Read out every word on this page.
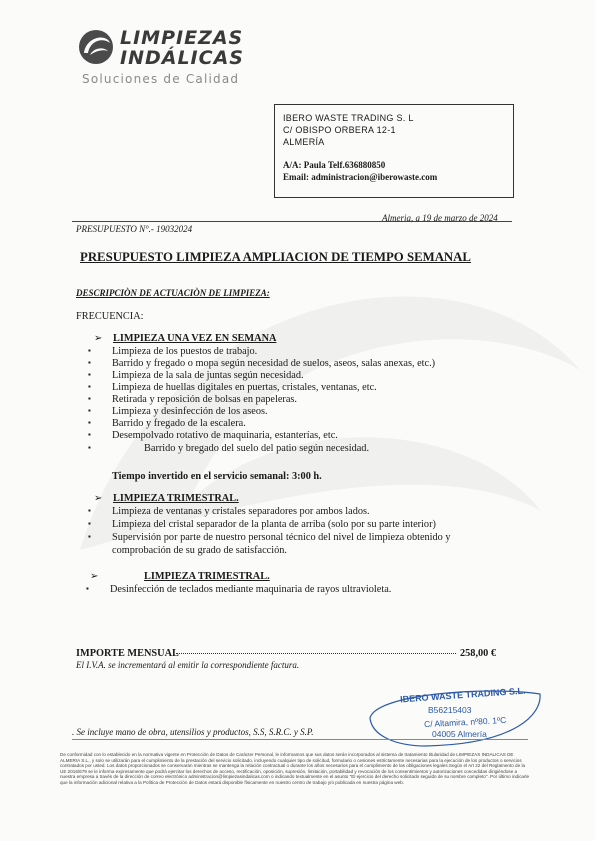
LIMPIEZAS
INDÁLICAS
Soluciones de Calidad
IBERO WASTE TRADING S. L
C/ OBISPO ORBERA 12-1
ALMERÍA
A/A: Paula Telf.636880850
Email: administracion@iberowaste.com
Almeria, a 19 de marzo de 2024
PRESUPUESTO N°.- 19032024
PRESUPUESTO LIMPIEZA AMPLIACION DE TIEMPO SEMANAL
DESCRIPCIÒN DE ACTUACIÒN DE LIMPIEZA:
FRECUENCIA:
➢ LIMPIEZA UNA VEZ EN SEMANA
▪ Limpieza de los puestos de trabajo.
▪ Barrido y fregado o mopa según necesidad de suelos, aseos, salas anexas, etc.)
▪ Limpieza de la sala de juntas según necesidad.
▪ Limpieza de huellas digitales en puertas, cristales, ventanas, etc.
▪ Retirada y reposición de bolsas en papeleras.
▪ Limpieza y desinfección de los aseos.
▪ Barrido y fregado de la escalera.
▪ Desempolvado rotativo de maquinaria, estanterías, etc.
Barrido y bregado del suelo del patio según necesidad.
▪
Tiempo invertido en el servicio semanal: 3:00 h.
➢ LIMPIEZA TRIMESTRAL.
▪ Limpieza de ventanas y cristales separadores por ambos lados.
▪ Limpieza del cristal separador de la planta de arriba (solo por su parte interior)
▪ Supervisión por parte de nuestro personal técnico del nivel de limpieza obtenido y
comprobación de su grado de satisfacción.
➢	LIMPIEZA TRIMESTRAL.
▪ Desinfección de teclados mediante maquinaria de rayos ultravioleta.
IMPORTE MENSUAL	258,00 €
El I.V.A. se incrementará al emitir la correspondiente factura.
IBERO WASTE TRADING S.L.
B56215403
C/ Altamira, nº80. 1ºC
04005 Almería
. Se incluye mano de obra, utensilios y productos, S.S, S.R.C. y S.P.
De conformidad con lo establecido en la normativa vigente en Protección de Datos de Carácter Personal, le informamos que sus datos serán incorporados al sistema de tratamiento titularidad de LIMPIEZAS INDALICAS DE ALMERIA S.L., y solo se utilizarán para el cumplimiento de la prestación del servicio solicitado, incluyendo cualquier tipo de solicitud, formulario o cesiones estrictamente necesarias para la ejecución de los productos o servicios contratados por usted. Los datos proporcionados se conservarán mientras se mantenga la relación contractual o durante los años necesarios para el cumplimiento de las obligaciones legales.Según el Art 22 del Reglamento de la UE 2016/679 se le informa expresamente que podrá ejercitar los derechos de acceso, rectificación, oposición, supresión, limitación, portabilidad y revocación de los consentimientos y autorizaciones concedidas dirigiéndose a nuestra empresa a través de la dirección de correo electrónico administracion@limpiezasindalicas.com o indicando textualmente en el asunto "El ejercicio del derecho solicitado seguido de su nombre completo". Por último indicarle que la información adicional relativa a la Política de Protección de Datos estará disponible físicamente en nuestro centro de trabajo y/o publicada en nuestra página web.
